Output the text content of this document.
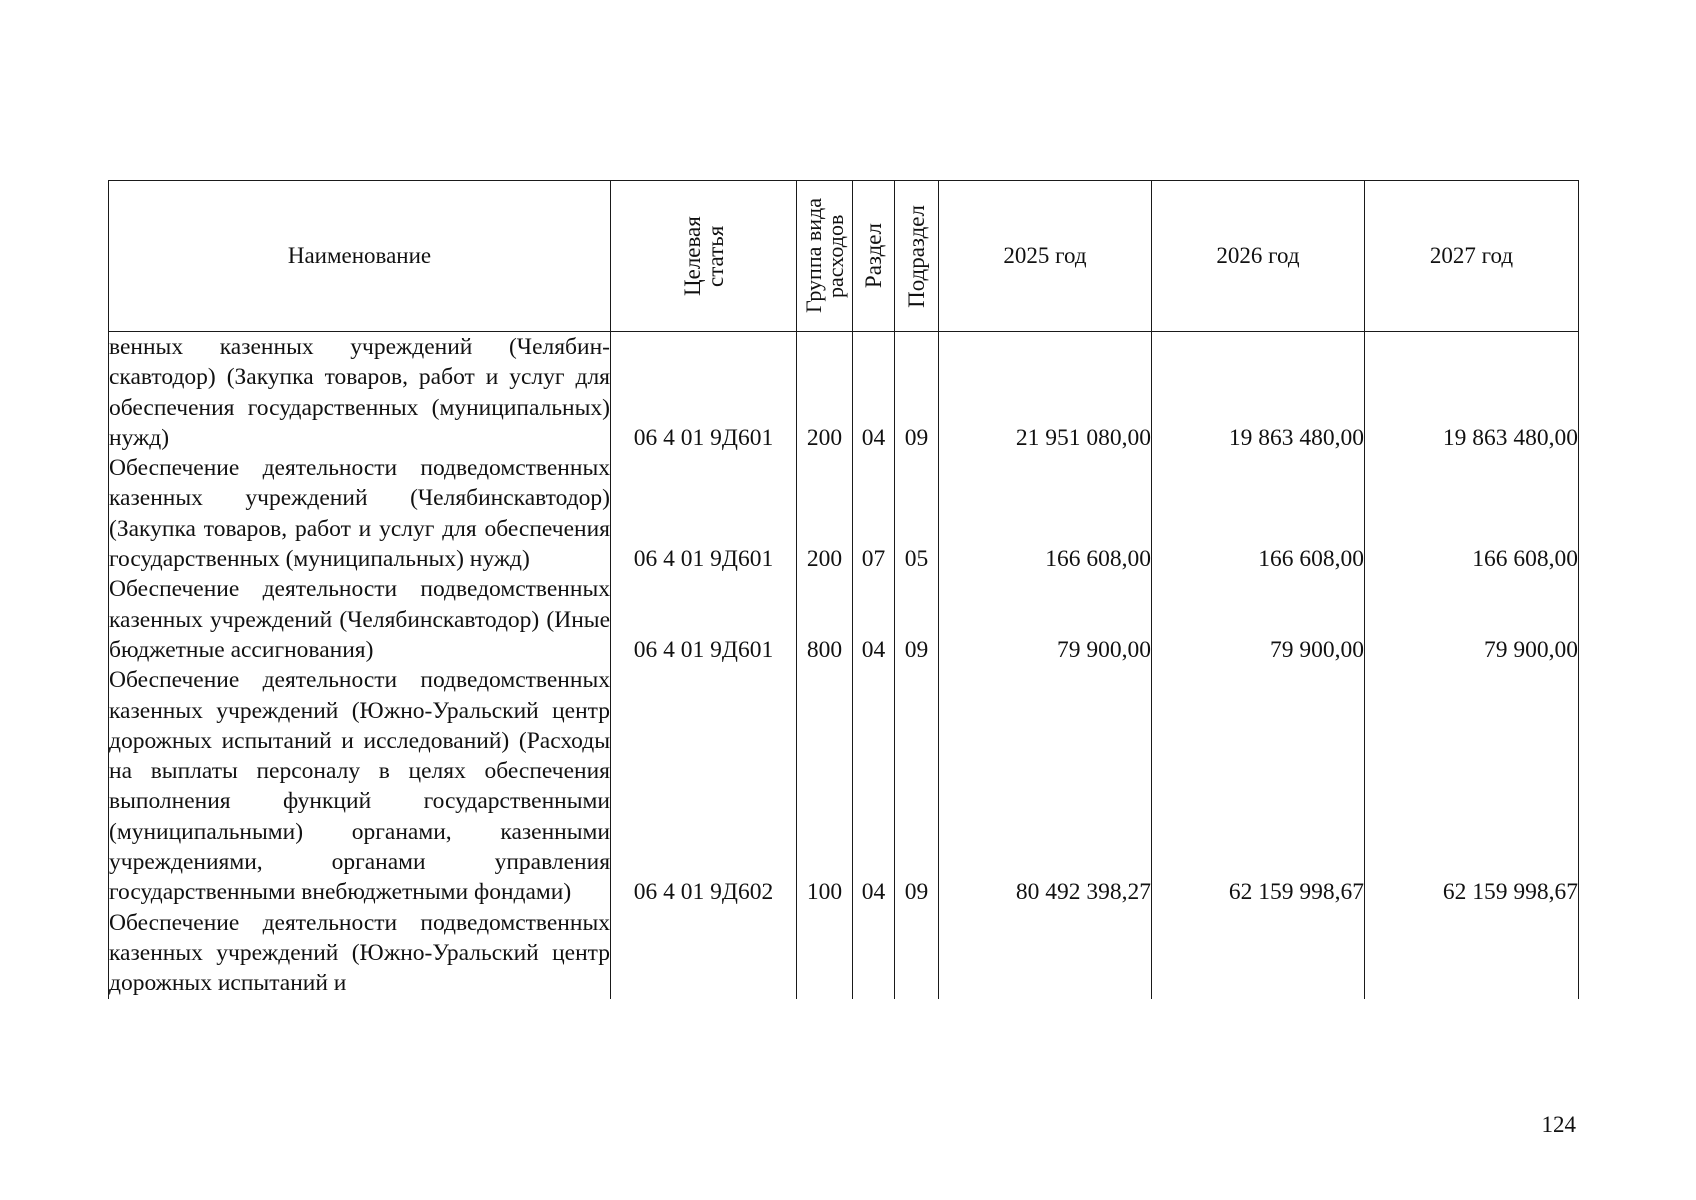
Наименование	Целевая статья	Группа вида расходов	Раздел	Подраздел	2025 год	2026 год	2027 год
венных казенных учреждений (Челябинскавтодор) (Закупка товаров, работ и услуг для обеспечения государственных (муниципальных) нужд)	06 4 01 9Д601	200	04	09	21 951 080,00	19 863 480,00	19 863 480,00
Обеспечение деятельности подведомственных казенных учреждений (Челябинскавтодор) (Закупка товаров, работ и услуг для обеспечения государственных (муниципальных) нужд)	06 4 01 9Д601	200	07	05	166 608,00	166 608,00	166 608,00
Обеспечение деятельности подведомственных казенных учреждений (Челябинскавтодор) (Иные бюджетные ассигнования)	06 4 01 9Д601	800	04	09	79 900,00	79 900,00	79 900,00
Обеспечение деятельности подведомственных казенных учреждений (Южно-Уральский центр дорожных испытаний и исследований) (Расходы на выплаты персоналу в целях обеспечения выполнения функций государственными (муниципальными) органами, казенными учреждениями, органами управления государственными внебюджетными фондами)	06 4 01 9Д602	100	04	09	80 492 398,27	62 159 998,67	62 159 998,67
Обеспечение деятельности подведомственных казенных учреждений (Южно-Уральский центр дорожных испытаний и							
124
